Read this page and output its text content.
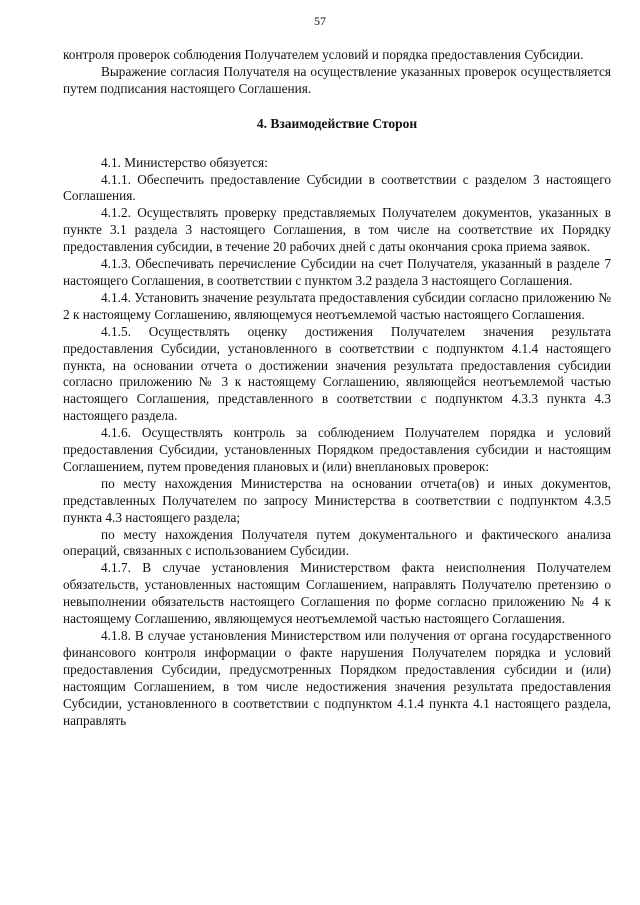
57

контроля проверок соблюдения Получателем условий и порядка предоставления Субсидии.

Выражение согласия Получателя на осуществление указанных проверок осуществляется путем подписания настоящего Соглашения.

4. Взаимодействие Сторон

4.1. Министерство обязуется:

4.1.1. Обеспечить предоставление Субсидии в соответствии с разделом 3 настоящего Соглашения.

4.1.2. Осуществлять проверку представляемых Получателем документов, указанных в пункте 3.1 раздела 3 настоящего Соглашения, в том числе на соответствие их Порядку предоставления субсидии, в течение 20 рабочих дней с даты окончания срока приема заявок.

4.1.3. Обеспечивать перечисление Субсидии на счет Получателя, указанный в разделе 7 настоящего Соглашения, в соответствии с пунктом 3.2 раздела 3 настоящего Соглашения.

4.1.4. Установить значение результата предоставления субсидии согласно приложению № 2 к настоящему Соглашению, являющемуся неотъемлемой частью настоящего Соглашения.

4.1.5. Осуществлять оценку достижения Получателем значения результата предоставления Субсидии, установленного в соответствии с подпунктом 4.1.4 настоящего пункта, на основании отчета о достижении значения результата предоставления субсидии согласно приложению № 3 к настоящему Соглашению, являющейся неотъемлемой частью настоящего Соглашения, представленного в соответствии с подпунктом 4.3.3 пункта 4.3 настоящего раздела.

4.1.6. Осуществлять контроль за соблюдением Получателем порядка и условий предоставления Субсидии, установленных Порядком предоставления субсидии и настоящим Соглашением, путем проведения плановых и (или) внеплановых проверок:

по месту нахождения Министерства на основании отчета(ов) и иных документов, представленных Получателем по запросу Министерства в соответствии с подпунктом 4.3.5 пункта 4.3 настоящего раздела;

по месту нахождения Получателя путем документального и фактического анализа операций, связанных с использованием Субсидии.

4.1.7. В случае установления Министерством факта неисполнения Получателем обязательств, установленных настоящим Соглашением, направлять Получателю претензию о невыполнении обязательств настоящего Соглашения по форме согласно приложению № 4 к настоящему Соглашению, являющемуся неотъемлемой частью настоящего Соглашения.

4.1.8. В случае установления Министерством или получения от органа государственного финансового контроля информации о факте нарушения Получателем порядка и условий предоставления Субсидии, предусмотренных Порядком предоставления субсидии и (или) настоящим Соглашением, в том числе недостижения значения результата предоставления Субсидии, установленного в соответствии с подпунктом 4.1.4 пункта 4.1 настоящего раздела, направлять
